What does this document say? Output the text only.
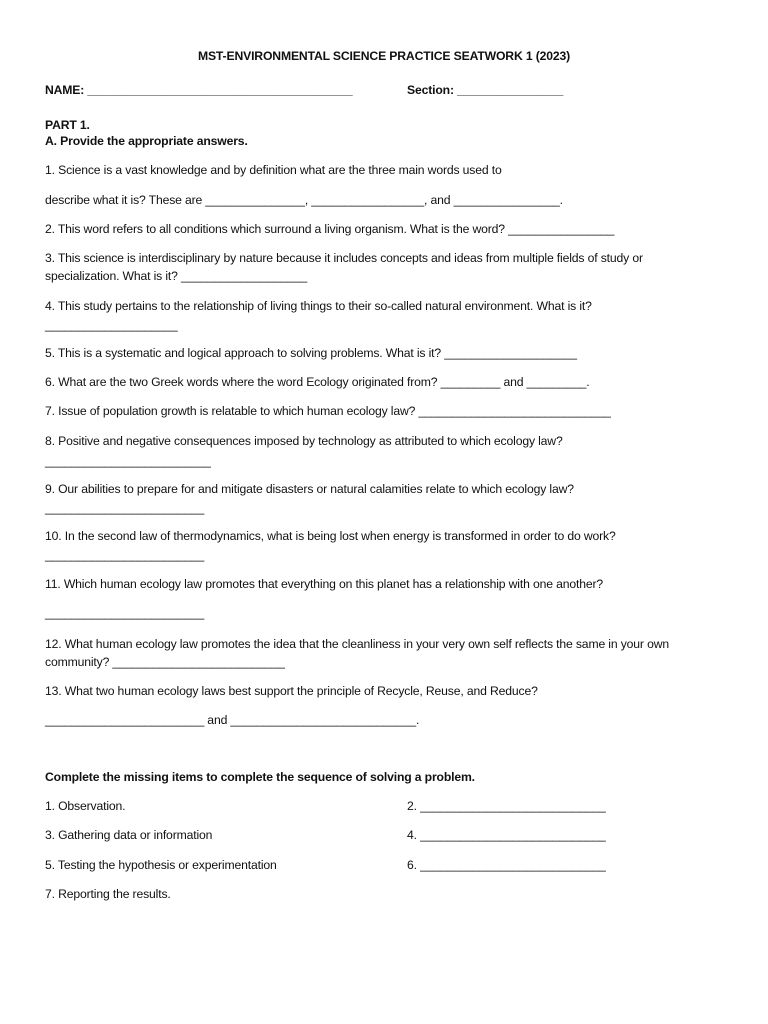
MST-ENVIRONMENTAL SCIENCE PRACTICE SEATWORK 1 (2023)
NAME: ________________________________________	Section: ________________
PART 1.
A. Provide the appropriate answers.
1. Science is a vast knowledge and by definition what are the three main words used to
describe what it is? These are _______________, _________________, and ________________.
2. This word refers to all conditions which surround a living organism. What is the word? ________________
3. This science is interdisciplinary by nature because it includes concepts and ideas from multiple fields of study or
specialization. What is it? ___________________
4. This study pertains to the relationship of living things to their so-called natural environment. What is it?
____________________
5. This is a systematic and logical approach to solving problems. What is it? ____________________
6. What are the two Greek words where the word Ecology originated from? _________ and _________.
7. Issue of population growth is relatable to which human ecology law? _____________________________
8. Positive and negative consequences imposed by technology as attributed to which ecology law?
_________________________
9. Our abilities to prepare for and mitigate disasters or natural calamities relate to which ecology law?
________________________
10. In the second law of thermodynamics, what is being lost when energy is transformed in order to do work?
________________________
11. Which human ecology law promotes that everything on this planet has a relationship with one another?
________________________
12. What human ecology law promotes the idea that the cleanliness in your very own self reflects the same in your own
community? __________________________
13. What two human ecology laws best support the principle of Recycle, Reuse, and Reduce?
________________________ and ____________________________.
Complete the missing items to complete the sequence of solving a problem.
1. Observation.	2. ____________________________
3. Gathering data or information	4. ____________________________
5. Testing the hypothesis or experimentation	6. ____________________________
7. Reporting the results.
